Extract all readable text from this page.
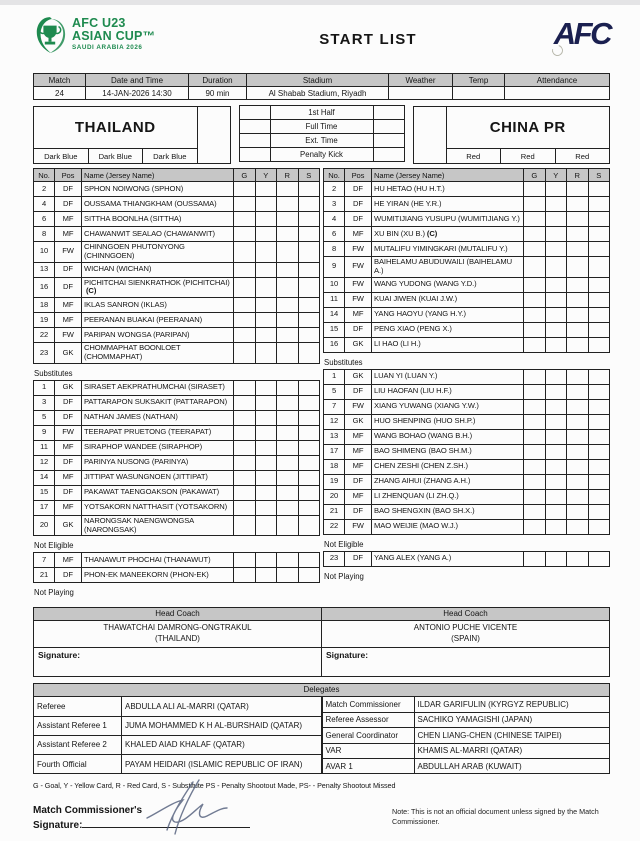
AFC U23
ASIAN CUP™
SAUDI ARABIA 2026	START LIST	AFC
Match	Date and Time	Duration	Stadium	Weather	Temp	Attendance
24	14-JAN-2026 14:30	90 min	Al Shabab Stadium, Riyadh			
THAILAND
Dark Blue	Dark Blue	Dark Blue
1st Half
Full Time
Ext. Time
Penalty Kick
CHINA PR
Red	Red	Red
No.	Pos	Name (Jersey Name)	G	Y	R	S
2	DF	SPHON NOIWONG (SPHON)				
4	DF	OUSSAMA THIANGKHAM (OUSSAMA)				
6	MF	SITTHA BOONLHA (SITTHA)				
8	MF	CHAWANWIT SEALAO (CHAWANWIT)				
10	FW	CHINNGOEN PHUTONYONG (CHINNGOEN)				
13	DF	WICHAN (WICHAN)				
16	DF	PICHITCHAI SIENKRATHOK (PICHITCHAI)(C)				
18	MF	IKLAS SANRON (IKLAS)				
19	MF	PEERANAN BUAKAI (PEERANAN)				
22	FW	PARIPAN WONGSA (PARIPAN)				
23	GK	CHOMMAPHAT BOONLOET (CHOMMAPHAT)				
Substitutes
1	GK	SIRASET AEKPRATHUMCHAI (SIRASET)				
3	DF	PATTARAPON SUKSAKIT (PATTARAPON)				
5	DF	NATHAN JAMES (NATHAN)				
9	FW	TEERAPAT PRUETONG (TEERAPAT)				
11	MF	SIRAPHOP WANDEE (SIRAPHOP)				
12	DF	PARINYA NUSONG (PARINYA)				
14	MF	JITTIPAT WASUNGNOEN (JITTIPAT)				
15	DF	PAKAWAT TAENGOAKSON (PAKAWAT)				
17	MF	YOTSAKORN NATTHASIT (YOTSAKORN)				
20	GK	NARONGSAK NAENGWONGSA (NARONGSAK)				
Not Eligible
7	MF	THANAWUT PHOCHAI (THANAWUT)				
21	DF	PHON-EK MANEEKORN (PHON-EK)				
Not Playing
No.	Pos	Name (Jersey Name)	G	Y	R	S
2	DF	HU HETAO (HU H.T.)				
3	DF	HE YIRAN (HE Y.R.)				
4	DF	WUMITIJIANG YUSUPU (WUMITIJIANG Y.)				
6	MF	XU BIN (XU B.) (C)				
8	FW	MUTALIFU YIMINGKARI (MUTALIFU Y.)				
9	FW	BAIHELAMU ABUDUWAILI (BAIHELAMU A.)				
10	FW	WANG YUDONG (WANG Y.D.)				
11	FW	KUAI JIWEN (KUAI J.W.)				
14	MF	YANG HAOYU (YANG H.Y.)				
15	DF	PENG XIAO (PENG X.)				
16	GK	LI HAO (LI H.)				
Substitutes
1	GK	LUAN YI (LUAN Y.)				
5	DF	LIU HAOFAN (LIU H.F.)				
7	FW	XIANG YUWANG (XIANG Y.W.)				
12	GK	HUO SHENPING (HUO SH.P.)				
13	MF	WANG BOHAO (WANG B.H.)				
17	MF	BAO SHIMENG (BAO SH.M.)				
18	MF	CHEN ZESHI (CHEN Z.SH.)				
19	DF	ZHANG AIHUI (ZHANG A.H.)				
20	MF	LI ZHENQUAN (LI ZH.Q.)				
21	DF	BAO SHENGXIN (BAO SH.X.)				
22	FW	MAO WEIJIE (MAO W.J.)				
Not Eligible
23	DF	YANG ALEX (YANG A.)				
Not Playing
Head Coach
THAWATCHAI DAMRONG-ONGTRAKUL
(THAILAND)
Signature:
Head Coach
ANTONIO PUCHE VICENTE
(SPAIN)
Signature:
Delegates
Referee	ABDULLA ALI AL-MARRI (QATAR)
Assistant Referee 1	JUMA MOHAMMED K H AL-BURSHAID (QATAR)
Assistant Referee 2	KHALED AIAD KHALAF (QATAR)
Fourth Official	PAYAM HEIDARI (ISLAMIC REPUBLIC OF IRAN)
Match Commissioner	ILDAR GARIFULIN (KYRGYZ REPUBLIC)
Referee Assessor	SACHIKO YAMAGISHI (JAPAN)
General Coordinator	CHEN LIANG-CHEN (CHINESE TAIPEI)
VAR	KHAMIS AL-MARRI (QATAR)
AVAR 1	ABDULLAH ARAB (KUWAIT)
G - Goal, Y - Yellow Card, R - Red Card, S - Substitute PS - Penalty Shootout Made, PS- - Penalty Shootout Missed
Match Commissioner's
Signature:
Note: This is not an official document unless signed by the Match Commissioner.
